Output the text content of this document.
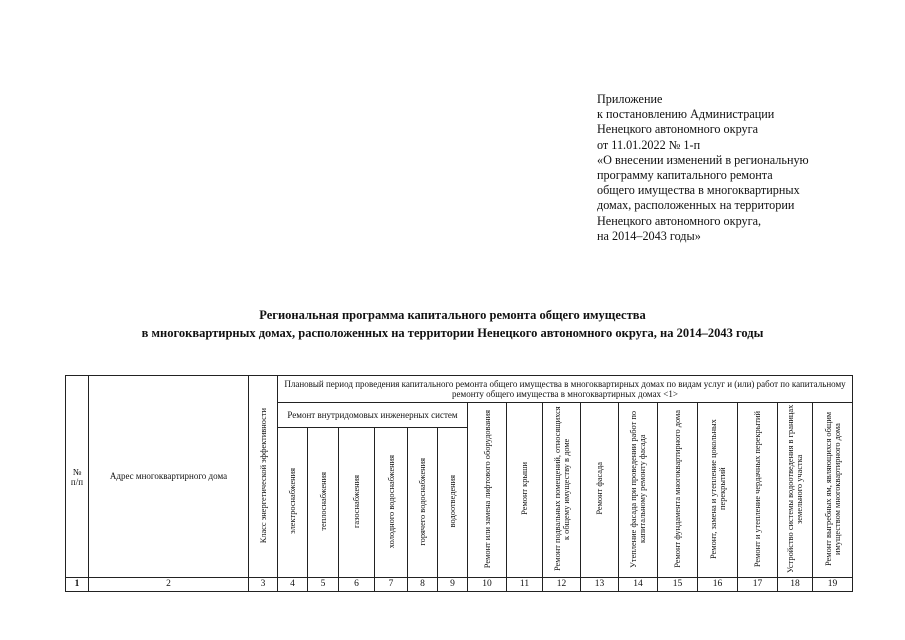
Приложение
к постановлению Администрации
Ненецкого автономного округа
от 11.01.2022 № 1-п
«О внесении изменений в региональную
программу капитального ремонта
общего имущества в многоквартирных
домах, расположенных на территории
Ненецкого автономного округа,
на 2014–2043 годы»
Региональная программа капитального ремонта общего имущества
в многоквартирных домах, расположенных на территории Ненецкого автономного округа, на 2014–2043 годы
№ п/п	Адрес многоквартирного дома	Класс энергетической эффективности	Плановый период проведения капитального ремонта общего имущества в многоквартирных домах по видам услуг и (или) работ по капитальному ремонту общего имущества в многоквартирных домах <1>															
			Ремонт внутридомовых инженерных систем						Ремонт или замена лифтового оборудования	Ремонт крыши	Ремонт подвальных помещений, относящихся к общему имуществу в доме	Ремонт фасада	Утепление фасада при проведении работ по капитальному ремонту фасада	Ремонт фундамента многоквартирного дома	Ремонт, замена и утепление цокольных перекрытий	Ремонт и утепление чердачных перекрытий	Устройство системы водоотведения в границах земельного участка	Ремонт выгребных ям, являющихся общим имуществом многоквартирного дома
			электроснабжения	теплоснабжения	газоснабжения	холодного водоснабжения	горячего водоснабжения	водоотведения										
1	2	3	4	5	6	7	8	9	10	11	12	13	14	15	16	17	18	19
